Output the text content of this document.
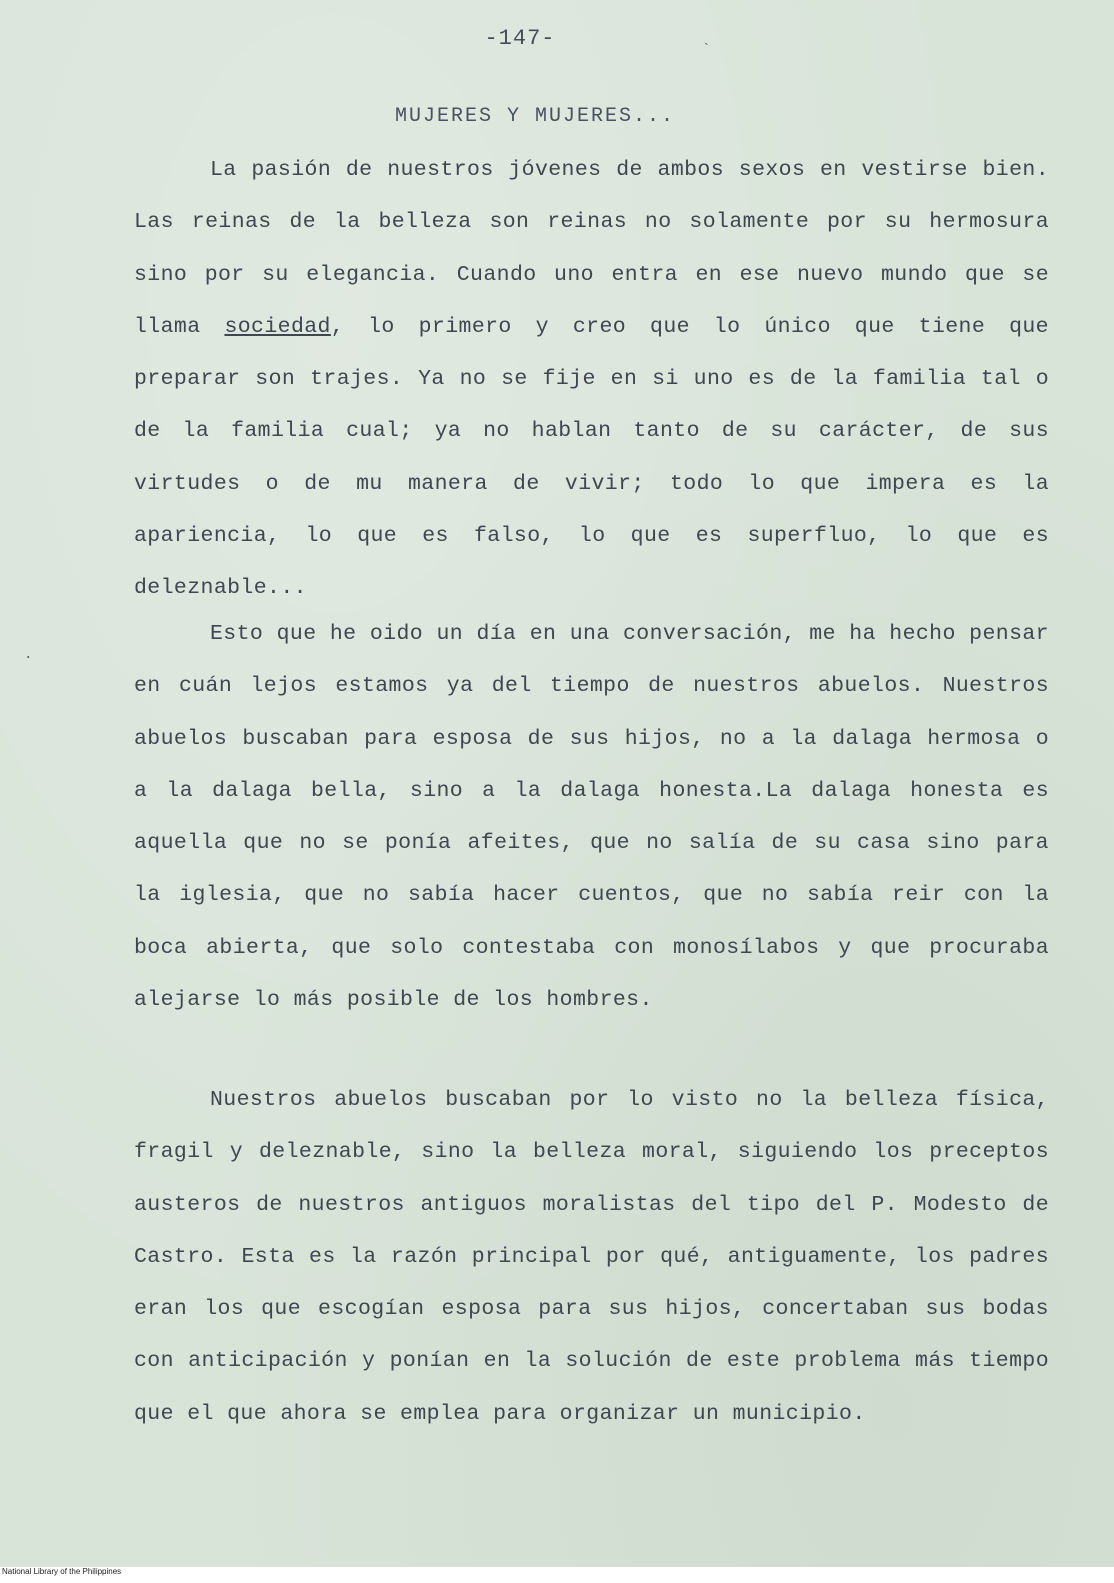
-147-
MUJERES Y MUJERES...

La pasión de nuestros jóvenes de ambos sexos en vestirse bien. Las reinas de la belleza son reinas no solamente por su hermosura sino por su elegancia. Cuando uno entra en ese nuevo mundo que se llama sociedad, lo primero y creo que lo único que tiene que preparar son trajes. Ya no se fije en si uno es de la familia tal o de la familia cual; ya no hablan tanto de su carácter, de sus virtudes o de mu manera de vivir; todo lo que impera es la apariencia, lo que es falso, lo que es superfluo, lo que es deleznable...

Esto que he oido un día en una conversación, me ha hecho pensar en cuán lejos estamos ya del tiempo de nuestros abuelos. Nuestros abuelos buscaban para esposa de sus hijos, no a la dalaga hermosa o a la dalaga bella, sino a la dalaga honesta.La dalaga honesta es aquella que no se ponía afeites, que no salía de su casa sino para la iglesia, que no sabía hacer cuentos, que no sabía reir con la boca abierta, que solo contestaba con monosílabos y que procuraba alejarse lo más posible de los hombres.

Nuestros abuelos buscaban por lo visto no la belleza física, fragil y deleznable, sino la belleza moral, siguiendo los preceptos austeros de nuestros antiguos moralistas del tipo del P. Modesto de Castro. Esta es la razón principal por qué, antiguamente, los padres eran los que escogían esposa para sus hijos, concertaban sus bodas con anticipación y ponían en la solución de este problema más tiempo que el que ahora se emplea para organizar un municipio.

˴
·
National Library of the Philippines
